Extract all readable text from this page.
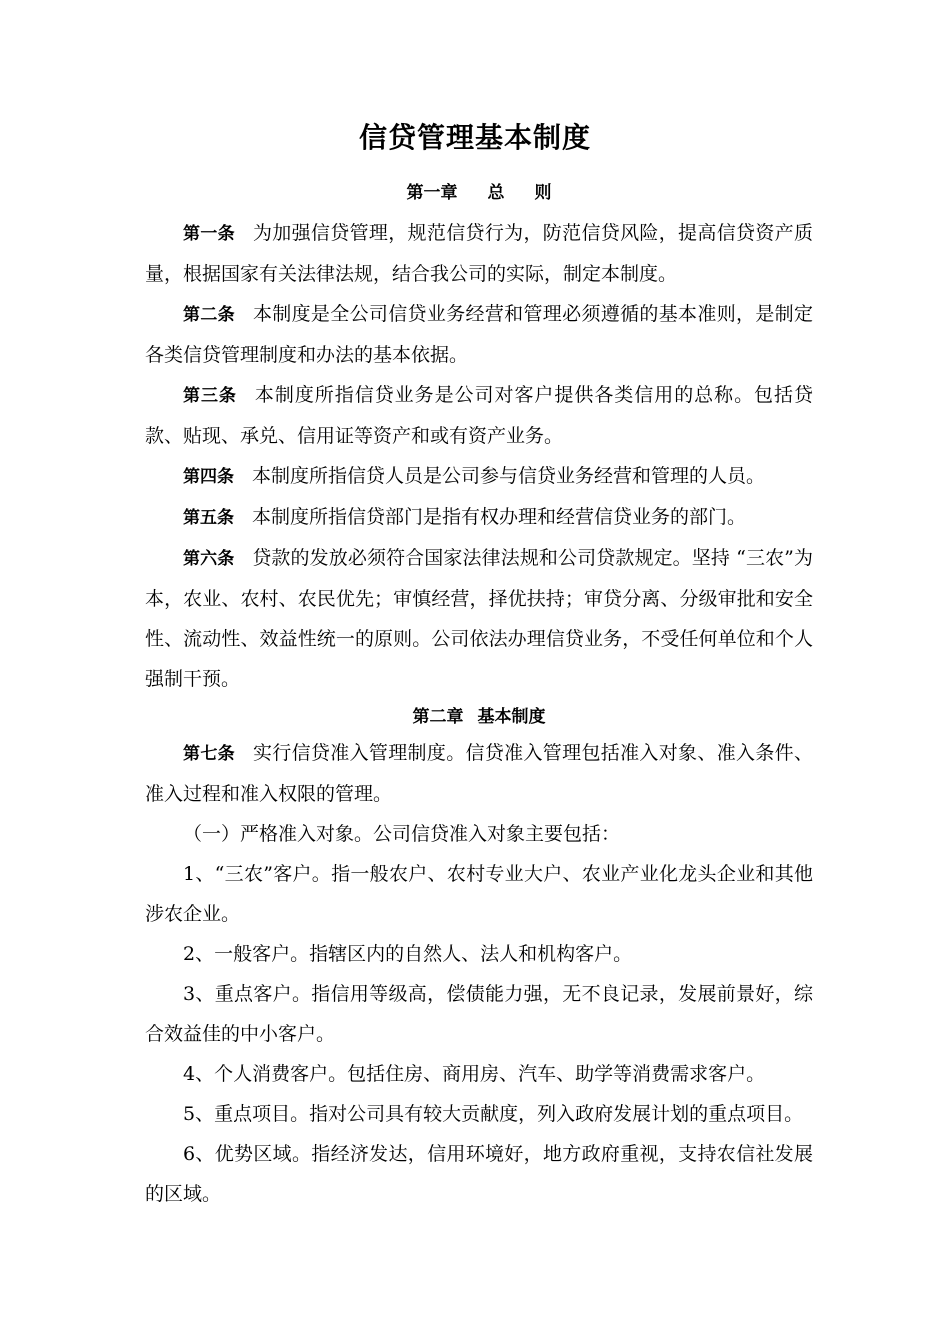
信贷管理基本制度
第一章 总 则

第一条 为加强信贷管理，规范信贷行为，防范信贷风险，提高信贷资产质量，根据国家有关法律法规，结合我公司的实际，制定本制度。

第二条 本制度是全公司信贷业务经营和管理必须遵循的基本准则，是制定各类信贷管理制度和办法的基本依据。

第三条 本制度所指信贷业务是公司对客户提供各类信用的总称。包括贷款、贴现、承兑、信用证等资产和或有资产业务。

第四条 本制度所指信贷人员是公司参与信贷业务经营和管理的人员。

第五条 本制度所指信贷部门是指有权办理和经营信贷业务的部门。

第六条 贷款的发放必须符合国家法律法规和公司贷款规定。坚持 “三农”为本，农业、农村、农民优先；审慎经营，择优扶持；审贷分离、分级审批和安全性、流动性、效益性统一的原则。公司依法办理信贷业务，不受任何单位和个人强制干预。

第二章 基本制度

第七条 实行信贷准入管理制度。信贷准入管理包括准入对象、准入条件、准入过程和准入权限的管理。

（一）严格准入对象。公司信贷准入对象主要包括：

1、“三农”客户。指一般农户、农村专业大户、农业产业化龙头企业和其他涉农企业。

2、一般客户。指辖区内的自然人、法人和机构客户。

3、重点客户。指信用等级高，偿债能力强，无不良记录，发展前景好，综合效益佳的中小客户。

4、个人消费客户。包括住房、商用房、汽车、助学等消费需求客户。

5、重点项目。指对公司具有较大贡献度，列入政府发展计划的重点项目。

6、优势区域。指经济发达，信用环境好，地方政府重视，支持农信社发展的区域。
